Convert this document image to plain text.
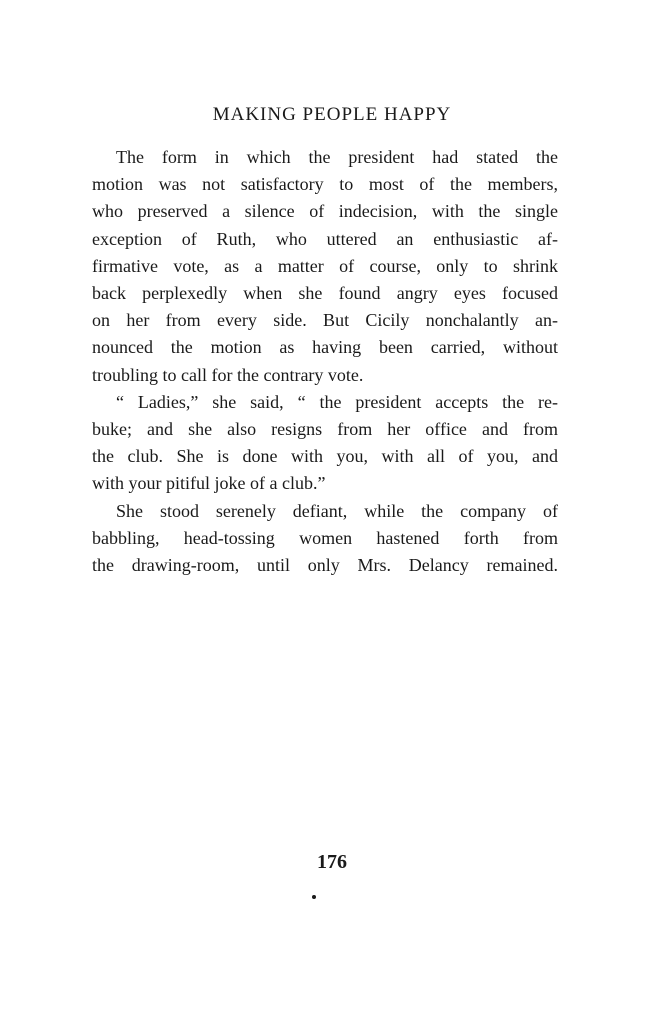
MAKING PEOPLE HAPPY

The form in which the president had stated the
motion was not satisfactory to most of the members,
who preserved a silence of indecision, with the single
exception of Ruth, who uttered an enthusiastic af-
firmative vote, as a matter of course, only to shrink
back perplexedly when she found angry eyes focused
on her from every side. But Cicily nonchalantly an-
nounced the motion as having been carried, without
troubling to call for the contrary vote.

“ Ladies,” she said, “ the president accepts the re-
buke; and she also resigns from her office and from
the club. She is done with you, with all of you, and
with your pitiful joke of a club.”

She stood serenely defiant, while the company of
babbling, head-tossing women hastened forth from
the drawing-room, until only Mrs. Delancy remained.

176
